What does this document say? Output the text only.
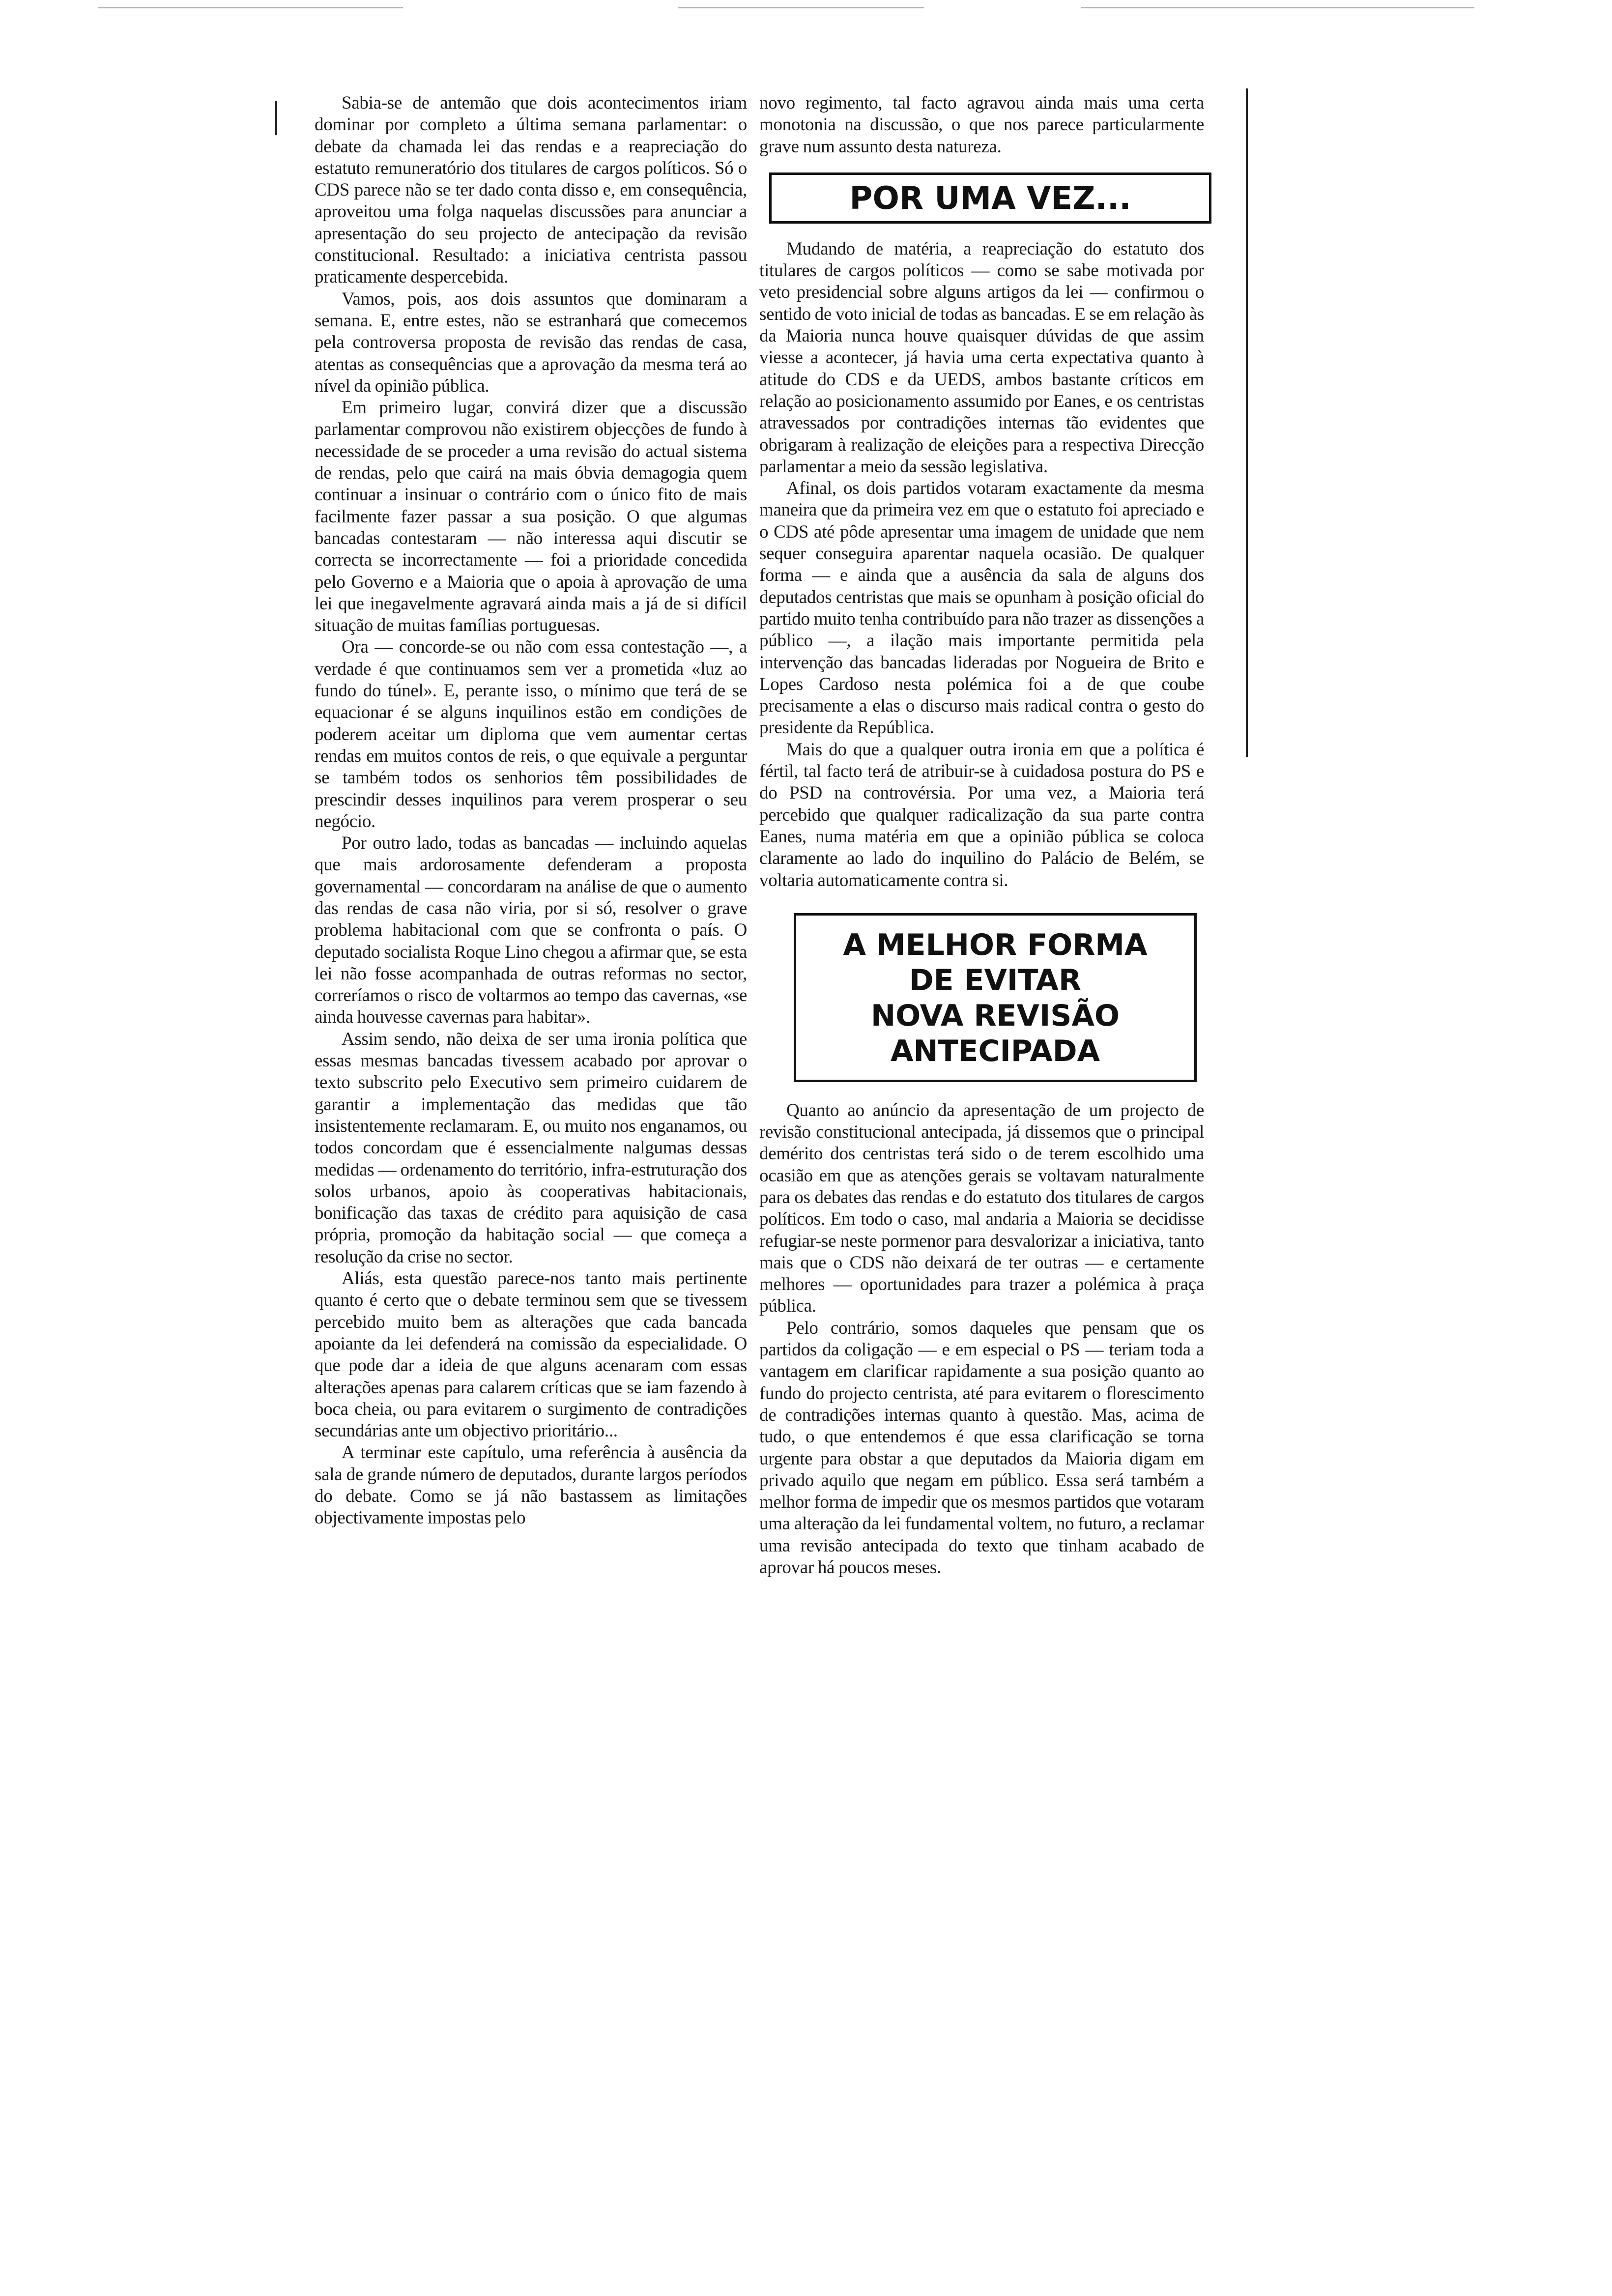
Sabia-se de antemão que dois acontecimentos iriam dominar por completo a última semana parlamentar: o debate da chamada lei das rendas e a reapreciação do estatuto remuneratório dos titulares de cargos políticos. Só o CDS parece não se ter dado conta disso e, em consequência, aproveitou uma folga naquelas discussões para anunciar a apresentação do seu projecto de antecipação da revisão constitucional. Resultado: a iniciativa centrista passou praticamente despercebida.

Vamos, pois, aos dois assuntos que dominaram a semana. E, entre estes, não se estranhará que comecemos pela controversa proposta de revisão das rendas de casa, atentas as consequências que a aprovação da mesma terá ao nível da opinião pública.

Em primeiro lugar, convirá dizer que a discussão parlamentar comprovou não existirem objecções de fundo à necessidade de se proceder a uma revisão do actual sistema de rendas, pelo que cairá na mais óbvia demagogia quem continuar a insinuar o contrário com o único fito de mais facilmente fazer passar a sua posição. O que algumas bancadas contestaram — não interessa aqui discutir se correcta se incorrectamente — foi a prioridade concedida pelo Governo e a Maioria que o apoia à aprovação de uma lei que inegavelmente agravará ainda mais a já de si difícil situação de muitas famílias portuguesas.

Ora — concorde-se ou não com essa contestação —, a verdade é que continuamos sem ver a prometida «luz ao fundo do túnel». E, perante isso, o mínimo que terá de se equacionar é se alguns inquilinos estão em condições de poderem aceitar um diploma que vem aumentar certas rendas em muitos contos de reis, o que equivale a perguntar se também todos os senhorios têm possibilidades de prescindir desses inquilinos para verem prosperar o seu negócio.

Por outro lado, todas as bancadas — incluindo aquelas que mais ardorosamente defenderam a proposta governamental — concordaram na análise de que o aumento das rendas de casa não viria, por si só, resolver o grave problema habitacional com que se confronta o país. O deputado socialista Roque Lino chegou a afirmar que, se esta lei não fosse acompanhada de outras reformas no sector, correríamos o risco de voltarmos ao tempo das cavernas, «se ainda houvesse cavernas para habitar».

Assim sendo, não deixa de ser uma ironia política que essas mesmas bancadas tivessem acabado por aprovar o texto subscrito pelo Executivo sem primeiro cuidarem de garantir a implementação das medidas que tão insistentemente reclamaram. E, ou muito nos enganamos, ou todos concordam que é essencialmente nalgumas dessas medidas — ordenamento do território, infra-estruturação dos solos urbanos, apoio às cooperativas habitacionais, bonificação das taxas de crédito para aquisição de casa própria, promoção da habitação social — que começa a resolução da crise no sector.

Aliás, esta questão parece-nos tanto mais pertinente quanto é certo que o debate terminou sem que se tivessem percebido muito bem as alterações que cada bancada apoiante da lei defenderá na comissão da especialidade. O que pode dar a ideia de que alguns acenaram com essas alterações apenas para calarem críticas que se iam fazendo à boca cheia, ou para evitarem o surgimento de contradições secundárias ante um objectivo prioritário...

A terminar este capítulo, uma referência à ausência da sala de grande número de deputados, durante largos períodos do debate. Como se já não bastassem as limitações objectivamente impostas pelo

novo regimento, tal facto agravou ainda mais uma certa monotonia na discussão, o que nos parece particularmente grave num assunto desta natureza.

POR UMA VEZ...

Mudando de matéria, a reapreciação do estatuto dos titulares de cargos políticos — como se sabe motivada por veto presidencial sobre alguns artigos da lei — confirmou o sentido de voto inicial de todas as bancadas. E se em relação às da Maioria nunca houve quaisquer dúvidas de que assim viesse a acontecer, já havia uma certa expectativa quanto à atitude do CDS e da UEDS, ambos bastante críticos em relação ao posicionamento assumido por Eanes, e os centristas atravessados por contradições internas tão evidentes que obrigaram à realização de eleições para a respectiva Direcção parlamentar a meio da sessão legislativa.

Afinal, os dois partidos votaram exactamente da mesma maneira que da primeira vez em que o estatuto foi apreciado e o CDS até pôde apresentar uma imagem de unidade que nem sequer conseguira aparentar naquela ocasião. De qualquer forma — e ainda que a ausência da sala de alguns dos deputados centristas que mais se opunham à posição oficial do partido muito tenha contribuído para não trazer as dissenções a público —, a ilação mais importante permitida pela intervenção das bancadas lideradas por Nogueira de Brito e Lopes Cardoso nesta polémica foi a de que coube precisamente a elas o discurso mais radical contra o gesto do presidente da República.

Mais do que a qualquer outra ironia em que a política é fértil, tal facto terá de atribuir-se à cuidadosa postura do PS e do PSD na controvérsia. Por uma vez, a Maioria terá percebido que qualquer radicalização da sua parte contra Eanes, numa matéria em que a opinião pública se coloca claramente ao lado do inquilino do Palácio de Belém, se voltaria automaticamente contra si.

A MELHOR FORMA
DE EVITAR
NOVA REVISÃO
ANTECIPADA

Quanto ao anúncio da apresentação de um projecto de revisão constitucional antecipada, já dissemos que o principal demérito dos centristas terá sido o de terem escolhido uma ocasião em que as atenções gerais se voltavam naturalmente para os debates das rendas e do estatuto dos titulares de cargos políticos. Em todo o caso, mal andaria a Maioria se decidisse refugiar-se neste pormenor para desvalorizar a iniciativa, tanto mais que o CDS não deixará de ter outras — e certamente melhores — oportunidades para trazer a polémica à praça pública.

Pelo contrário, somos daqueles que pensam que os partidos da coligação — e em especial o PS — teriam toda a vantagem em clarificar rapidamente a sua posição quanto ao fundo do projecto centrista, até para evitarem o florescimento de contradições internas quanto à questão. Mas, acima de tudo, o que entendemos é que essa clarificação se torna urgente para obstar a que deputados da Maioria digam em privado aquilo que negam em público. Essa será também a melhor forma de impedir que os mesmos partidos que votaram uma alteração da lei fundamental voltem, no futuro, a reclamar uma revisão antecipada do texto que tinham acabado de aprovar há poucos meses.
